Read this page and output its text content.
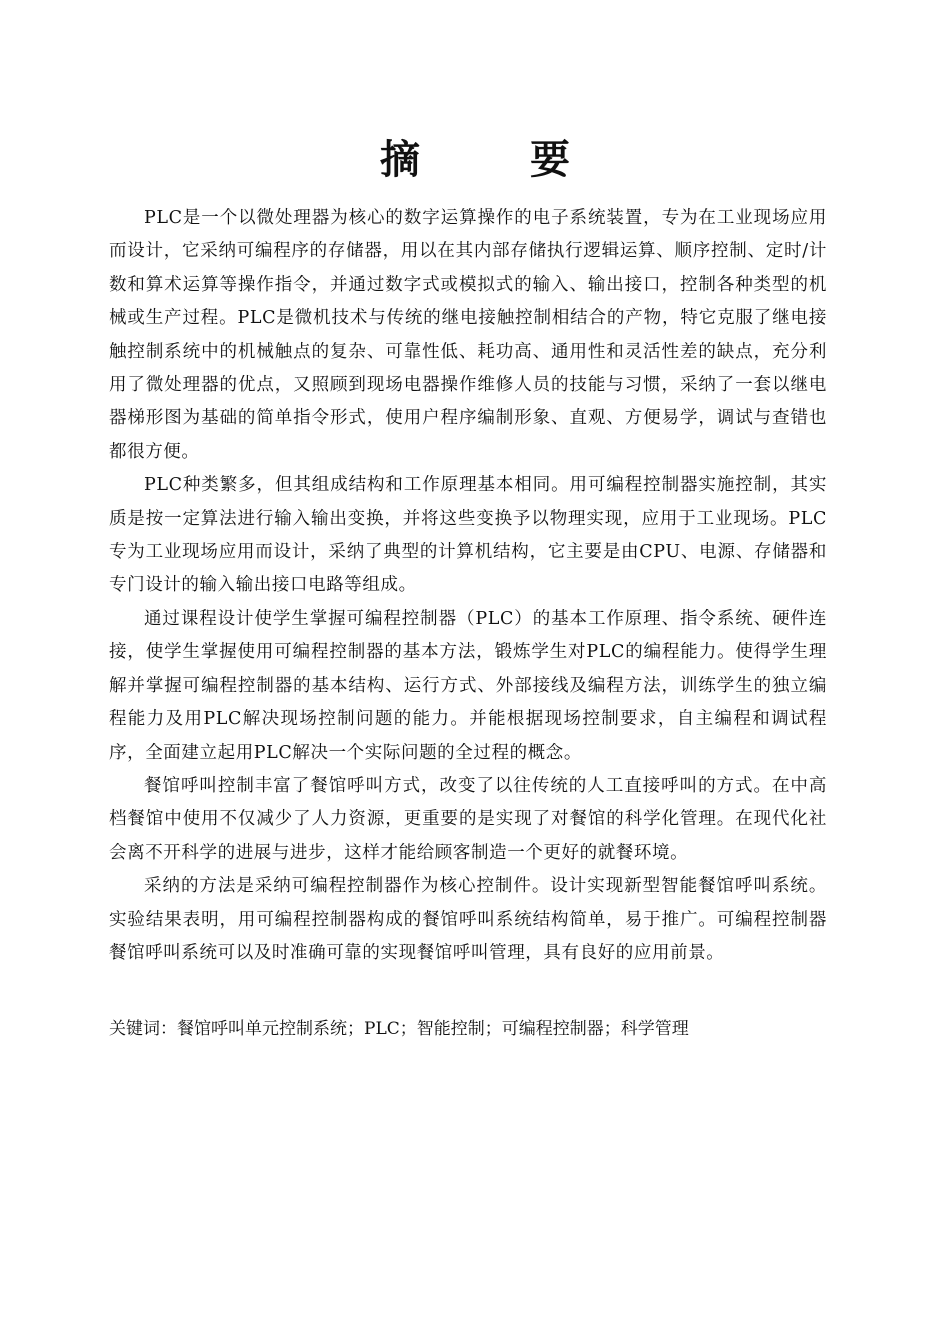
摘 要

PLC是一个以微处理器为核心的数字运算操作的电子系统装置，专为在工业现场应用而设计，它采纳可编程序的存储器，用以在其内部存储执行逻辑运算、顺序控制、定时/计数和算术运算等操作指令，并通过数字式或模拟式的输入、输出接口，控制各种类型的机械或生产过程。PLC是微机技术与传统的继电接触控制相结合的产物，特它克服了继电接触控制系统中的机械触点的复杂、可靠性低、耗功高、通用性和灵活性差的缺点，充分利用了微处理器的优点，又照顾到现场电器操作维修人员的技能与习惯，采纳了一套以继电器梯形图为基础的简单指令形式，使用户程序编制形象、直观、方便易学，调试与查错也都很方便。

PLC种类繁多，但其组成结构和工作原理基本相同。用可编程控制器实施控制，其实质是按一定算法进行输入输出变换，并将这些变换予以物理实现，应用于工业现场。PLC专为工业现场应用而设计，采纳了典型的计算机结构，它主要是由CPU、电源、存储器和专门设计的输入输出接口电路等组成。

通过课程设计使学生掌握可编程控制器（PLC）的基本工作原理、指令系统、硬件连接，使学生掌握使用可编程控制器的基本方法，锻炼学生对PLC的编程能力。使得学生理解并掌握可编程控制器的基本结构、运行方式、外部接线及编程方法，训练学生的独立编程能力及用PLC解决现场控制问题的能力。并能根据现场控制要求，自主编程和调试程序，全面建立起用PLC解决一个实际问题的全过程的概念。

餐馆呼叫控制丰富了餐馆呼叫方式，改变了以往传统的人工直接呼叫的方式。在中高档餐馆中使用不仅减少了人力资源，更重要的是实现了对餐馆的科学化管理。在现代化社会离不开科学的进展与进步，这样才能给顾客制造一个更好的就餐环境。

采纳的方法是采纳可编程控制器作为核心控制件。设计实现新型智能餐馆呼叫系统。实验结果表明，用可编程控制器构成的餐馆呼叫系统结构简单，易于推广。可编程控制器餐馆呼叫系统可以及时准确可靠的实现餐馆呼叫管理，具有良好的应用前景。

关键词：餐馆呼叫单元控制系统；PLC；智能控制；可编程控制器；科学管理
